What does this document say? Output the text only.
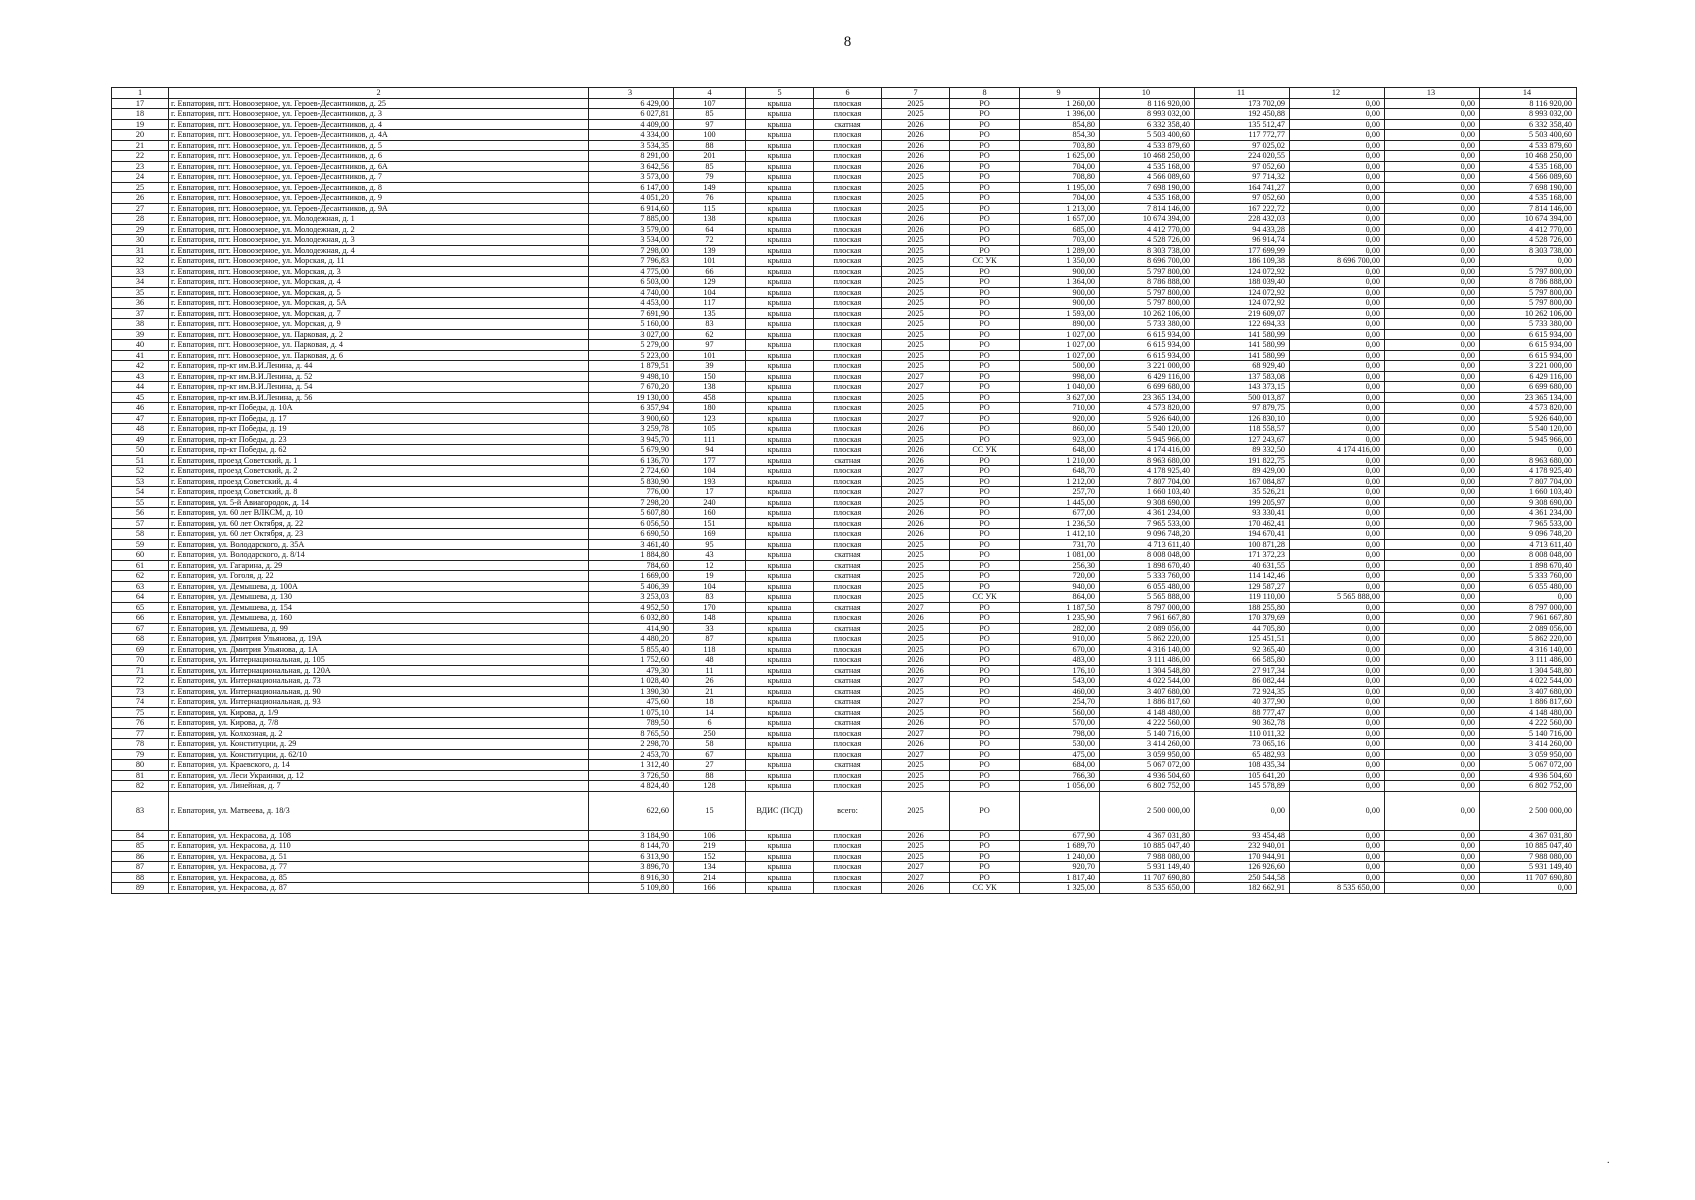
8
1	2	3	4	5	6	7	8	9	10	11	12	13	14
17	г. Евпатория, пгт. Новоозерное, ул. Героев-Десантников, д. 25	6 429,00	107	крыша	плоская	2025	РО	1 260,00	8 116 920,00	173 702,09	0,00	0,00	8 116 920,00
18	г. Евпатория, пгт. Новоозерное, ул. Героев-Десантников, д. 3	6 027,81	85	крыша	плоская	2025	РО	1 396,00	8 993 032,00	192 450,88	0,00	0,00	8 993 032,00
19	г. Евпатория, пгт. Новоозерное, ул. Героев-Десантников, д. 4	4 409,00	97	крыша	скатная	2026	РО	854,80	6 332 358,40	135 512,47	0,00	0,00	6 332 358,40
20	г. Евпатория, пгт. Новоозерное, ул. Героев-Десантников, д. 4А	4 334,00	100	крыша	плоская	2026	РО	854,30	5 503 400,60	117 772,77	0,00	0,00	5 503 400,60
21	г. Евпатория, пгт. Новоозерное, ул. Героев-Десантников, д. 5	3 534,35	88	крыша	плоская	2026	РО	703,80	4 533 879,60	97 025,02	0,00	0,00	4 533 879,60
22	г. Евпатория, пгт. Новоозерное, ул. Героев-Десантников, д. 6	8 291,00	201	крыша	плоская	2026	РО	1 625,00	10 468 250,00	224 020,55	0,00	0,00	10 468 250,00
23	г. Евпатория, пгт. Новоозерное, ул. Героев-Десантников, д. 6А	3 642,56	85	крыша	плоская	2026	РО	704,00	4 535 168,00	97 052,60	0,00	0,00	4 535 168,00
24	г. Евпатория, пгт. Новоозерное, ул. Героев-Десантников, д. 7	3 573,00	79	крыша	плоская	2025	РО	708,80	4 566 089,60	97 714,32	0,00	0,00	4 566 089,60
25	г. Евпатория, пгт. Новоозерное, ул. Героев-Десантников, д. 8	6 147,00	149	крыша	плоская	2025	РО	1 195,00	7 698 190,00	164 741,27	0,00	0,00	7 698 190,00
26	г. Евпатория, пгт. Новоозерное, ул. Героев-Десантников, д. 9	4 051,20	76	крыша	плоская	2025	РО	704,00	4 535 168,00	97 052,60	0,00	0,00	4 535 168,00
27	г. Евпатория, пгт. Новоозерное, ул. Героев-Десантников, д. 9А	6 914,60	115	крыша	плоская	2025	РО	1 213,00	7 814 146,00	167 222,72	0,00	0,00	7 814 146,00
28	г. Евпатория, пгт. Новоозерное, ул. Молодежная, д. 1	7 885,00	138	крыша	плоская	2026	РО	1 657,00	10 674 394,00	228 432,03	0,00	0,00	10 674 394,00
29	г. Евпатория, пгт. Новоозерное, ул. Молодежная, д. 2	3 579,00	64	крыша	плоская	2026	РО	685,00	4 412 770,00	94 433,28	0,00	0,00	4 412 770,00
30	г. Евпатория, пгт. Новоозерное, ул. Молодежная, д. 3	3 534,00	72	крыша	плоская	2025	РО	703,00	4 528 726,00	96 914,74	0,00	0,00	4 528 726,00
31	г. Евпатория, пгт. Новоозерное, ул. Молодежная, д. 4	7 298,00	139	крыша	плоская	2025	РО	1 289,00	8 303 738,00	177 699,99	0,00	0,00	8 303 738,00
32	г. Евпатория, пгт. Новоозерное, ул. Морская, д. 11	7 796,83	101	крыша	плоская	2025	СС УК	1 350,00	8 696 700,00	186 109,38	8 696 700,00	0,00	0,00
33	г. Евпатория, пгт. Новоозерное, ул. Морская, д. 3	4 775,00	66	крыша	плоская	2025	РО	900,00	5 797 800,00	124 072,92	0,00	0,00	5 797 800,00
34	г. Евпатория, пгт. Новоозерное, ул. Морская, д. 4	6 503,00	129	крыша	плоская	2025	РО	1 364,00	8 786 888,00	188 039,40	0,00	0,00	8 786 888,00
35	г. Евпатория, пгт. Новоозерное, ул. Морская, д. 5	4 740,00	104	крыша	плоская	2025	РО	900,00	5 797 800,00	124 072,92	0,00	0,00	5 797 800,00
36	г. Евпатория, пгт. Новоозерное, ул. Морская, д. 5А	4 453,00	117	крыша	плоская	2025	РО	900,00	5 797 800,00	124 072,92	0,00	0,00	5 797 800,00
37	г. Евпатория, пгт. Новоозерное, ул. Морская, д. 7	7 691,90	135	крыша	плоская	2025	РО	1 593,00	10 262 106,00	219 609,07	0,00	0,00	10 262 106,00
38	г. Евпатория, пгт. Новоозерное, ул. Морская, д. 9	5 160,00	83	крыша	плоская	2025	РО	890,00	5 733 380,00	122 694,33	0,00	0,00	5 733 380,00
39	г. Евпатория, пгт. Новоозерное, ул. Парковая, д. 2	3 027,00	62	крыша	плоская	2025	РО	1 027,00	6 615 934,00	141 580,99	0,00	0,00	6 615 934,00
40	г. Евпатория, пгт. Новоозерное, ул. Парковая, д. 4	5 279,00	97	крыша	плоская	2025	РО	1 027,00	6 615 934,00	141 580,99	0,00	0,00	6 615 934,00
41	г. Евпатория, пгт. Новоозерное, ул. Парковая, д. 6	5 223,00	101	крыша	плоская	2025	РО	1 027,00	6 615 934,00	141 580,99	0,00	0,00	6 615 934,00
42	г. Евпатория, пр-кт им.В.И.Ленина, д. 44	1 879,51	39	крыша	плоская	2025	РО	500,00	3 221 000,00	68 929,40	0,00	0,00	3 221 000,00
43	г. Евпатория, пр-кт им.В.И.Ленина, д. 52	9 498,10	150	крыша	плоская	2027	РО	998,00	6 429 116,00	137 583,08	0,00	0,00	6 429 116,00
44	г. Евпатория, пр-кт им.В.И.Ленина, д. 54	7 670,20	138	крыша	плоская	2027	РО	1 040,00	6 699 680,00	143 373,15	0,00	0,00	6 699 680,00
45	г. Евпатория, пр-кт им.В.И.Ленина, д. 56	19 130,00	458	крыша	плоская	2025	РО	3 627,00	23 365 134,00	500 013,87	0,00	0,00	23 365 134,00
46	г. Евпатория, пр-кт Победы, д. 10А	6 357,94	180	крыша	плоская	2025	РО	710,00	4 573 820,00	97 879,75	0,00	0,00	4 573 820,00
47	г. Евпатория, пр-кт Победы, д. 17	3 900,60	123	крыша	плоская	2027	РО	920,00	5 926 640,00	126 830,10	0,00	0,00	5 926 640,00
48	г. Евпатория, пр-кт Победы, д. 19	3 259,78	105	крыша	плоская	2026	РО	860,00	5 540 120,00	118 558,57	0,00	0,00	5 540 120,00
49	г. Евпатория, пр-кт Победы, д. 23	3 945,70	111	крыша	плоская	2025	РО	923,00	5 945 966,00	127 243,67	0,00	0,00	5 945 966,00
50	г. Евпатория, пр-кт Победы, д. 62	5 679,90	94	крыша	плоская	2026	СС УК	648,00	4 174 416,00	89 332,50	4 174 416,00	0,00	0,00
51	г. Евпатория, проезд Советский, д. 1	6 136,70	177	крыша	скатная	2026	РО	1 210,00	8 963 680,00	191 822,75	0,00	0,00	8 963 680,00
52	г. Евпатория, проезд Советский, д. 2	2 724,60	104	крыша	плоская	2027	РО	648,70	4 178 925,40	89 429,00	0,00	0,00	4 178 925,40
53	г. Евпатория, проезд Советский, д. 4	5 830,90	193	крыша	плоская	2025	РО	1 212,00	7 807 704,00	167 084,87	0,00	0,00	7 807 704,00
54	г. Евпатория, проезд Советский, д. 8	776,00	17	крыша	плоская	2027	РО	257,70	1 660 103,40	35 526,21	0,00	0,00	1 660 103,40
55	г. Евпатория, ул. 5-й Авиагородок, д. 14	7 298,20	240	крыша	плоская	2025	РО	1 445,00	9 308 690,00	199 205,97	0,00	0,00	9 308 690,00
56	г. Евпатория, ул. 60 лет ВЛКСМ, д. 10	5 607,80	160	крыша	плоская	2026	РО	677,00	4 361 234,00	93 330,41	0,00	0,00	4 361 234,00
57	г. Евпатория, ул. 60 лет Октября, д. 22	6 056,50	151	крыша	плоская	2026	РО	1 236,50	7 965 533,00	170 462,41	0,00	0,00	7 965 533,00
58	г. Евпатория, ул. 60 лет Октября, д. 23	6 690,50	169	крыша	плоская	2026	РО	1 412,10	9 096 748,20	194 670,41	0,00	0,00	9 096 748,20
59	г. Евпатория, ул. Володарского, д. 35А	3 461,40	95	крыша	плоская	2025	РО	731,70	4 713 611,40	100 871,28	0,00	0,00	4 713 611,40
60	г. Евпатория, ул. Володарского, д. 8/14	1 884,80	43	крыша	скатная	2025	РО	1 081,00	8 008 048,00	171 372,23	0,00	0,00	8 008 048,00
61	г. Евпатория, ул. Гагарина, д. 29	784,60	12	крыша	скатная	2025	РО	256,30	1 898 670,40	40 631,55	0,00	0,00	1 898 670,40
62	г. Евпатория, ул. Гоголя, д. 22	1 669,00	19	крыша	скатная	2025	РО	720,00	5 333 760,00	114 142,46	0,00	0,00	5 333 760,00
63	г. Евпатория, ул. Демышева, д. 100А	5 406,39	104	крыша	плоская	2025	РО	940,00	6 055 480,00	129 587,27	0,00	0,00	6 055 480,00
64	г. Евпатория, ул. Демышева, д. 130	3 253,03	83	крыша	плоская	2025	СС УК	864,00	5 565 888,00	119 110,00	5 565 888,00	0,00	0,00
65	г. Евпатория, ул. Демышева, д. 154	4 952,50	170	крыша	скатная	2027	РО	1 187,50	8 797 000,00	188 255,80	0,00	0,00	8 797 000,00
66	г. Евпатория, ул. Демышева, д. 160	6 032,80	148	крыша	плоская	2026	РО	1 235,90	7 961 667,80	170 379,69	0,00	0,00	7 961 667,80
67	г. Евпатория, ул. Демышева, д. 99	414,90	33	крыша	скатная	2025	РО	282,00	2 089 056,00	44 705,80	0,00	0,00	2 089 056,00
68	г. Евпатория, ул. Дмитрия Ульянова, д. 19А	4 480,20	87	крыша	плоская	2025	РО	910,00	5 862 220,00	125 451,51	0,00	0,00	5 862 220,00
69	г. Евпатория, ул. Дмитрия Ульянова, д. 1А	5 855,40	118	крыша	плоская	2025	РО	670,00	4 316 140,00	92 365,40	0,00	0,00	4 316 140,00
70	г. Евпатория, ул. Интернациональная, д. 105	1 752,60	48	крыша	плоская	2026	РО	483,00	3 111 486,00	66 585,80	0,00	0,00	3 111 486,00
71	г. Евпатория, ул. Интернациональная, д. 120А	479,30	11	крыша	скатная	2026	РО	176,10	1 304 548,80	27 917,34	0,00	0,00	1 304 548,80
72	г. Евпатория, ул. Интернациональная, д. 73	1 028,40	26	крыша	скатная	2027	РО	543,00	4 022 544,00	86 082,44	0,00	0,00	4 022 544,00
73	г. Евпатория, ул. Интернациональная, д. 90	1 390,30	21	крыша	скатная	2025	РО	460,00	3 407 680,00	72 924,35	0,00	0,00	3 407 680,00
74	г. Евпатория, ул. Интернациональная, д. 93	475,60	18	крыша	скатная	2027	РО	254,70	1 886 817,60	40 377,90	0,00	0,00	1 886 817,60
75	г. Евпатория, ул. Кирова, д. 1/9	1 075,10	14	крыша	скатная	2025	РО	560,00	4 148 480,00	88 777,47	0,00	0,00	4 148 480,00
76	г. Евпатория, ул. Кирова, д. 7/8	789,50	6	крыша	скатная	2026	РО	570,00	4 222 560,00	90 362,78	0,00	0,00	4 222 560,00
77	г. Евпатория, ул. Колхозная, д. 2	8 765,50	250	крыша	плоская	2027	РО	798,00	5 140 716,00	110 011,32	0,00	0,00	5 140 716,00
78	г. Евпатория, ул. Конституции, д. 29	2 298,70	58	крыша	плоская	2026	РО	530,00	3 414 260,00	73 065,16	0,00	0,00	3 414 260,00
79	г. Евпатория, ул. Конституции, д. 62/10	2 453,70	67	крыша	плоская	2027	РО	475,00	3 059 950,00	65 482,93	0,00	0,00	3 059 950,00
80	г. Евпатория, ул. Краевского, д. 14	1 312,40	27	крыша	скатная	2025	РО	684,00	5 067 072,00	108 435,34	0,00	0,00	5 067 072,00
81	г. Евпатория, ул. Леси Украинки, д. 12	3 726,50	88	крыша	плоская	2025	РО	766,30	4 936 504,60	105 641,20	0,00	0,00	4 936 504,60
82	г. Евпатория, ул. Линейная, д. 7	4 824,40	128	крыша	плоская	2025	РО	1 056,00	6 802 752,00	145 578,89	0,00	0,00	6 802 752,00
83	г. Евпатория, ул. Матвеева, д. 18/3	622,60	15	ВДИС (ПСД)	всего:	2025	РО		2 500 000,00	0,00	0,00	0,00	2 500 000,00
84	г. Евпатория, ул. Некрасова, д. 108	3 184,90	106	крыша	плоская	2026	РО	677,90	4 367 031,80	93 454,48	0,00	0,00	4 367 031,80
85	г. Евпатория, ул. Некрасова, д. 110	8 144,70	219	крыша	плоская	2025	РО	1 689,70	10 885 047,40	232 940,01	0,00	0,00	10 885 047,40
86	г. Евпатория, ул. Некрасова, д. 51	6 313,90	152	крыша	плоская	2025	РО	1 240,00	7 988 080,00	170 944,91	0,00	0,00	7 988 080,00
87	г. Евпатория, ул. Некрасова, д. 77	3 896,70	134	крыша	плоская	2027	РО	920,70	5 931 149,40	126 926,60	0,00	0,00	5 931 149,40
88	г. Евпатория, ул. Некрасова, д. 85	8 916,30	214	крыша	плоская	2027	РО	1 817,40	11 707 690,80	250 544,58	0,00	0,00	11 707 690,80
89	г. Евпатория, ул. Некрасова, д. 87	5 109,80	166	крыша	плоская	2026	СС УК	1 325,00	8 535 650,00	182 662,91	8 535 650,00	0,00	0,00
.
